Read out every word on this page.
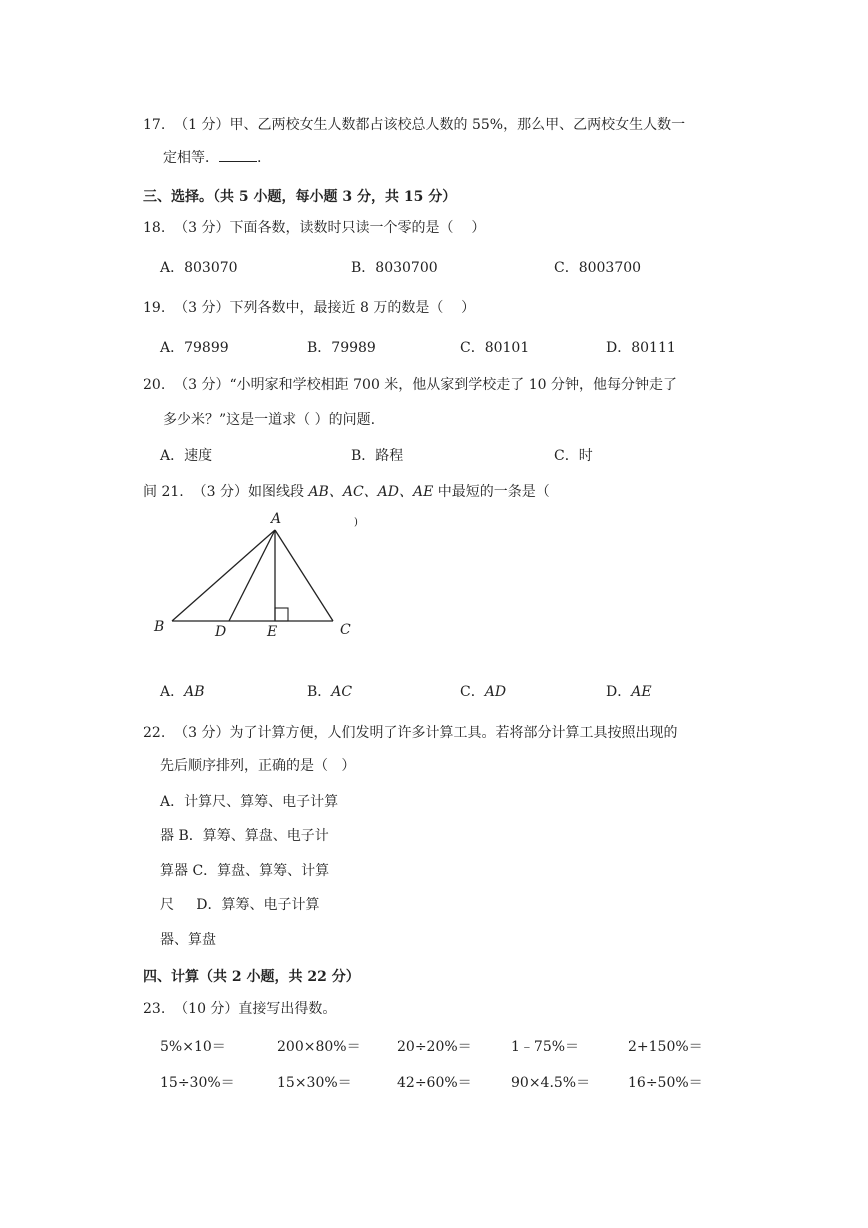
17.  （1 分）甲、乙两校女生人数都占该校总人数的 55%，那么甲、乙两校女生人数一
定相等．	.
三、选择。（共 5 小题，每小题 3 分，共 15 分）
18.  （3 分）下面各数，读数时只读一个零的是（    ）
A．803070	B．8030700	C．8003700
19.  （3 分）下列各数中，最接近 8 万的数是（    ）
A．79899	B．79989	C．80101	D．80111
20.  （3 分）“小明家和学校相距 700 米，他从家到学校走了 10 分钟，他每分钟走了
多少米？”这是一道求（ ）的问题.
A．速度	B．路程	C．时
间 21.  （3 分）如图线段 AB、AC、AD、AE 中最短的一条是（
A
B	D	E	C
)
A．AB	B．AC	C．AD	D．AE
22.  （3 分）为了计算方便，人们发明了许多计算工具。若将部分计算工具按照出现的
先后顺序排列，正确的是（   ）
A．计算尺、算筹、电子计算
器 B．算筹、算盘、电子计
算器 C．算盘、算筹、计算
尺     D．算筹、电子计算
器、算盘
四、计算（共 2 小题，共 22 分）
23.  （10 分）直接写出得数。
5%×10＝	200×80%＝	20÷20%＝	1﹣75%＝	2+150%＝
15÷30%＝	15×30%＝	42÷60%＝	90×4.5%＝	16÷50%＝
